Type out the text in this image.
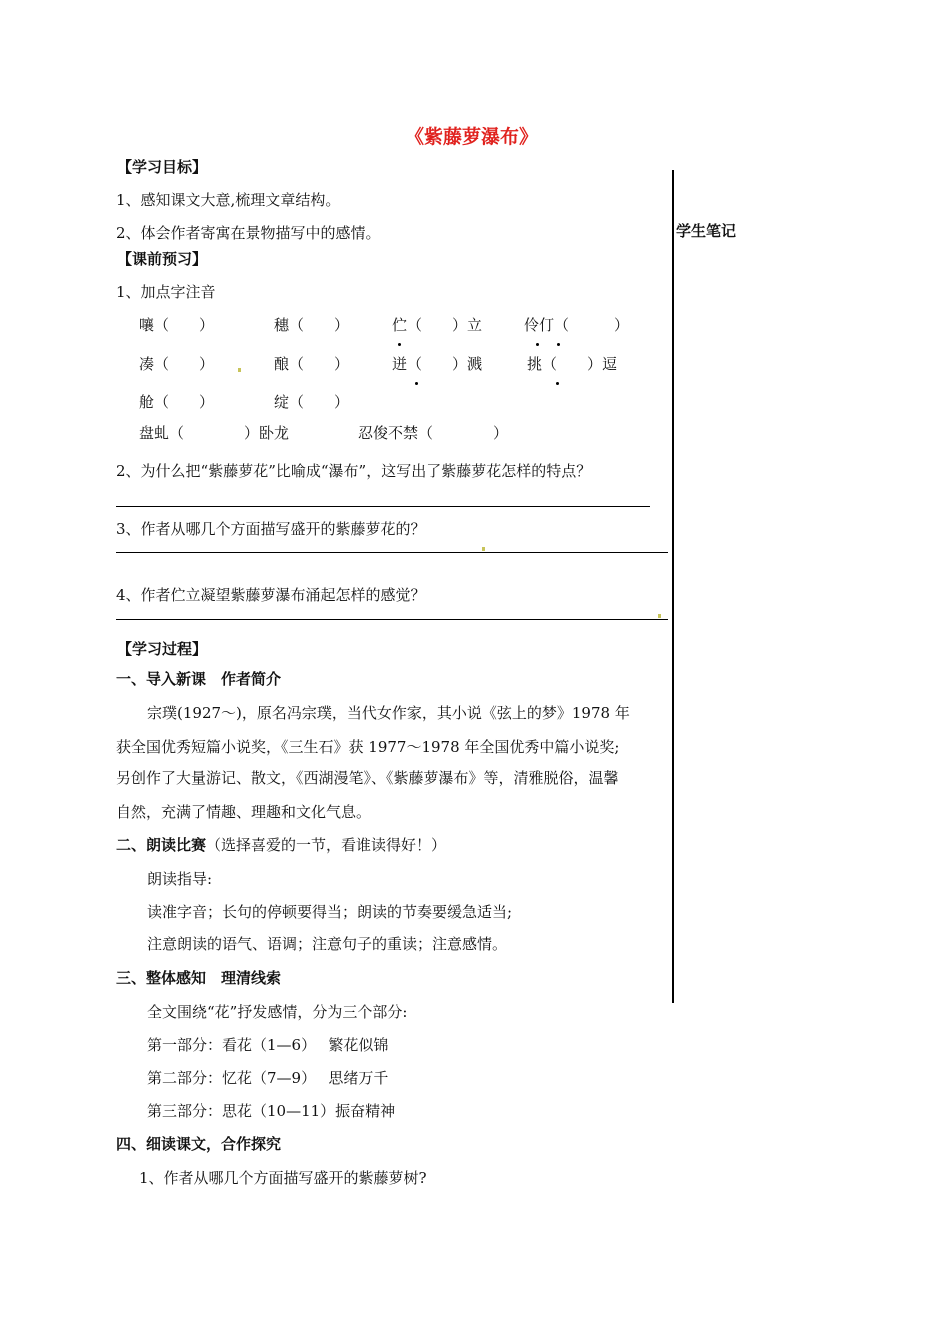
《紫藤萝瀑布》
学生笔记
【学习目标】
1、感知课文大意,梳理文章结构。
2、体会作者寄寓在景物描写中的感情。
【课前预习】
1、加点字注音
嚷（　　）	穗（　　）	伫（　　）立	伶仃（　　　）

凑（　　）	酿（　　）	迸（　　）溅	挑（　　）逗

舱（　　）	绽（　　）
盘虬（　　　　）卧龙	忍俊不禁（　　　　）
2、为什么把“紫藤萝花”比喻成“瀑布”，这写出了紫藤萝花怎样的特点？
3、作者从哪几个方面描写盛开的紫藤萝花的？
4、作者伫立凝望紫藤萝瀑布涌起怎样的感觉？
【学习过程】
一、导入新课　作者简介
宗璞(1927～)，原名冯宗璞，当代女作家，其小说《弦上的梦》1978 年
获全国优秀短篇小说奖，《三生石》获 1977～1978 年全国优秀中篇小说奖;
另创作了大量游记、散文，《西湖漫笔》、《紫藤萝瀑布》等，清雅脱俗，温馨
自然，充满了情趣、理趣和文化气息。
二、朗读比赛（选择喜爱的一节，看谁读得好！）
朗读指导:
读准字音；长句的停顿要得当；朗读的节奏要缓急适当;
注意朗读的语气、语调；注意句子的重读；注意感情。
三、整体感知　理清线索
全文围绕“花”抒发感情，分为三个部分:
第一部分：看花（1—6）　 繁花似锦
第二部分：忆花（7—9）　 思绪万千
第三部分：思花（10—11）振奋精神
四、细读课文，合作探究
1、作者从哪几个方面描写盛开的紫藤萝树?
